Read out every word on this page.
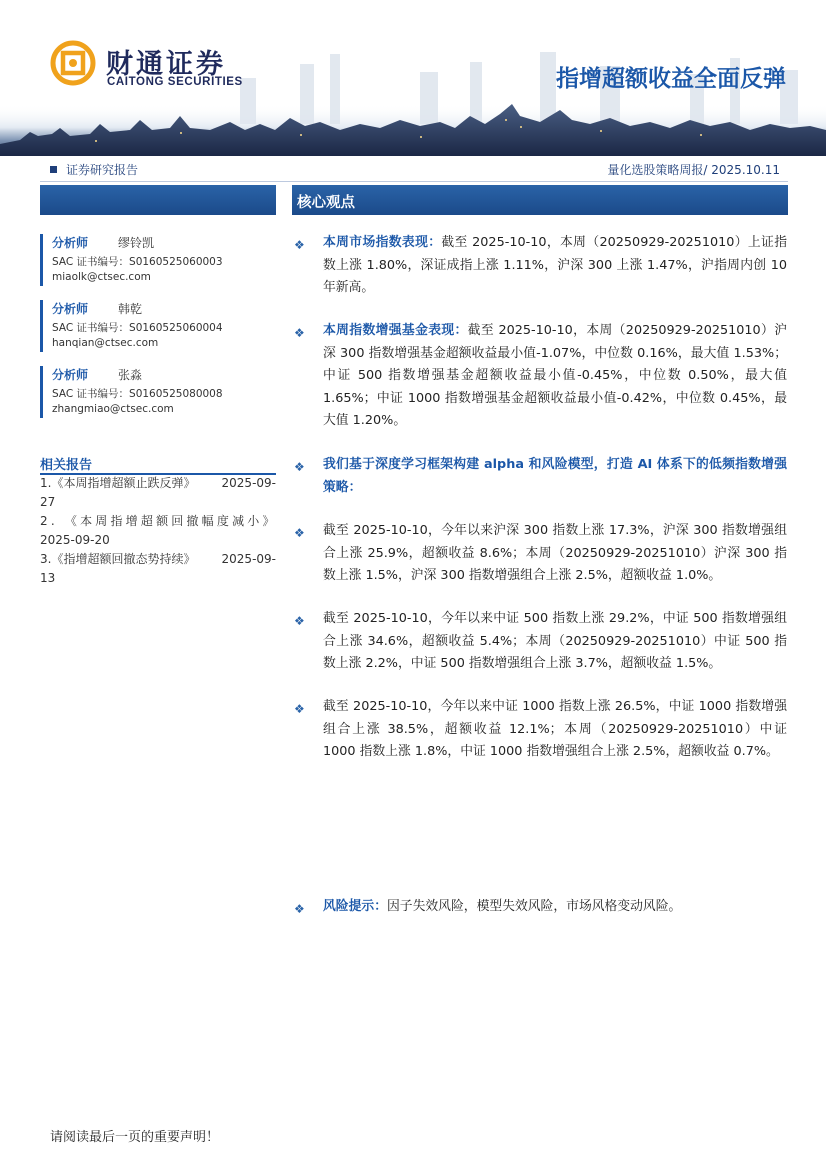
财通证券
CAITONG SECURITIES	指增超额收益全面反弹
证券研究报告	量化选股策略周报/ 2025.10.11
分析师	缪铃凯
SAC 证书编号：S0160525060003
miaolk@ctsec.com
分析师	韩乾
SAC 证书编号：S0160525060004
hanqian@ctsec.com
分析师	张淼
SAC 证书编号：S0160525080008
zhangmiao@ctsec.com
相关报告
1.《本周指增超额止跌反弹》 2025-09-
27
2. 《本周指增超额回撤幅度减小》
2025-09-20
3.《指增超额回撤态势持续》 2025-09-
13
核心观点
❖ 本周市场指数表现：截至 2025-10-10，本周（20250929-20251010）上证指数上涨 1.80%，深证成指上涨 1.11%，沪深 300 上涨 1.47%，沪指周内创 10 年新高。
❖ 本周指数增强基金表现：截至 2025-10-10，本周（20250929-20251010）沪深 300 指数增强基金超额收益最小值-1.07%，中位数 0.16%，最大值 1.53%；中证 500 指数增强基金超额收益最小值-0.45%，中位数 0.50%，最大值 1.65%；中证 1000 指数增强基金超额收益最小值-0.42%，中位数 0.45%，最大值 1.20%。
❖ 我们基于深度学习框架构建 alpha 和风险模型，打造 AI 体系下的低频指数增强策略：
❖ 截至 2025-10-10，今年以来沪深 300 指数上涨 17.3%，沪深 300 指数增强组合上涨 25.9%，超额收益 8.6%；本周（20250929-20251010）沪深 300 指数上涨 1.5%，沪深 300 指数增强组合上涨 2.5%，超额收益 1.0%。
❖ 截至 2025-10-10，今年以来中证 500 指数上涨 29.2%，中证 500 指数增强组合上涨 34.6%，超额收益 5.4%；本周（20250929-20251010）中证 500 指数上涨 2.2%，中证 500 指数增强组合上涨 3.7%，超额收益 1.5%。
❖ 截至 2025-10-10，今年以来中证 1000 指数上涨 26.5%，中证 1000 指数增强组合上涨 38.5%，超额收益 12.1%；本周（20250929-20251010）中证 1000 指数上涨 1.8%，中证 1000 指数增强组合上涨 2.5%，超额收益 0.7%。
❖ 风险提示：因子失效风险，模型失效风险，市场风格变动风险。
请阅读最后一页的重要声明！
